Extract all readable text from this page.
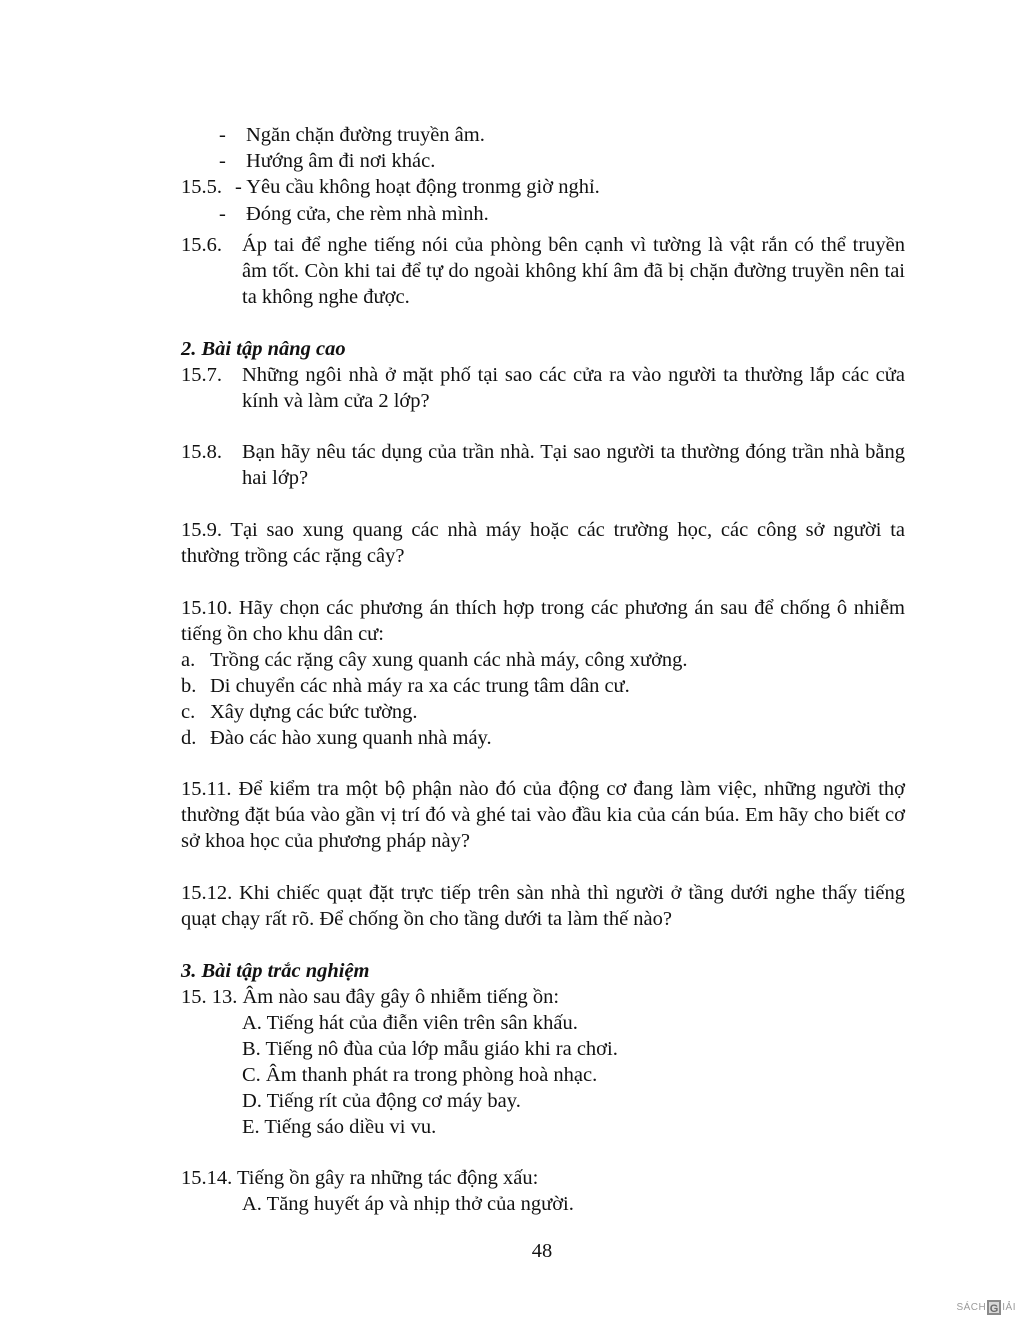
- Ngăn chặn đường truyền âm.
- Hướng âm đi nơi khác.
15.5. - Yêu cầu không hoạt động tronmg giờ nghỉ.
- Đóng cửa, che rèm nhà mình.
15.6. Áp tai để nghe tiếng nói của phòng bên cạnh vì tường là vật rắn có thể truyền âm tốt. Còn khi tai để tự do ngoài không khí âm đã bị chặn đường truyền nên tai ta không nghe được.
2. Bài tập nâng cao
15.7. Những ngôi nhà ở mặt phố tại sao các cửa ra vào người ta thường lắp các cửa kính và làm cửa 2 lớp?
15.8. Bạn hãy nêu tác dụng của trần nhà. Tại sao người ta thường đóng trần nhà bằng hai lớp?
15.9. Tại sao xung quang các nhà máy hoặc các trường học, các công sở người ta thường trồng các rặng cây?
15.10. Hãy chọn các phương án thích hợp trong các phương án sau để chống ô nhiễm tiếng ồn cho khu dân cư:
a. Trồng các rặng cây xung quanh các nhà máy, công xưởng.
b. Di chuyển các nhà máy ra xa các trung tâm dân cư.
c. Xây dựng các bức tường.
d. Đào các hào xung quanh nhà máy.
15.11. Để kiểm tra một bộ phận nào đó của động cơ đang làm việc, những người thợ thường đặt búa vào gần vị trí đó và ghé tai vào đầu kia của cán búa. Em hãy cho biết cơ sở khoa học của phương pháp này?
15.12. Khi chiếc quạt đặt trực tiếp trên sàn nhà thì người ở tầng dưới nghe thấy tiếng quạt chạy rất rõ. Để chống ồn cho tầng dưới ta làm thế nào?
3. Bài tập trắc nghiệm
15. 13. Âm nào sau đây gây ô nhiễm tiếng ồn:
A. Tiếng hát của điễn viên trên sân khấu.
B. Tiếng nô đùa của lớp mẫu giáo khi ra chơi.
C. Âm thanh phát ra trong phòng hoà nhạc.
D. Tiếng rít của động cơ máy bay.
E. Tiếng sáo diều vi vu.
15.14. Tiếng ồn gây ra những tác động xấu:
A. Tăng huyết áp và nhịp thở của người.
48
SÁCH G IẢI
